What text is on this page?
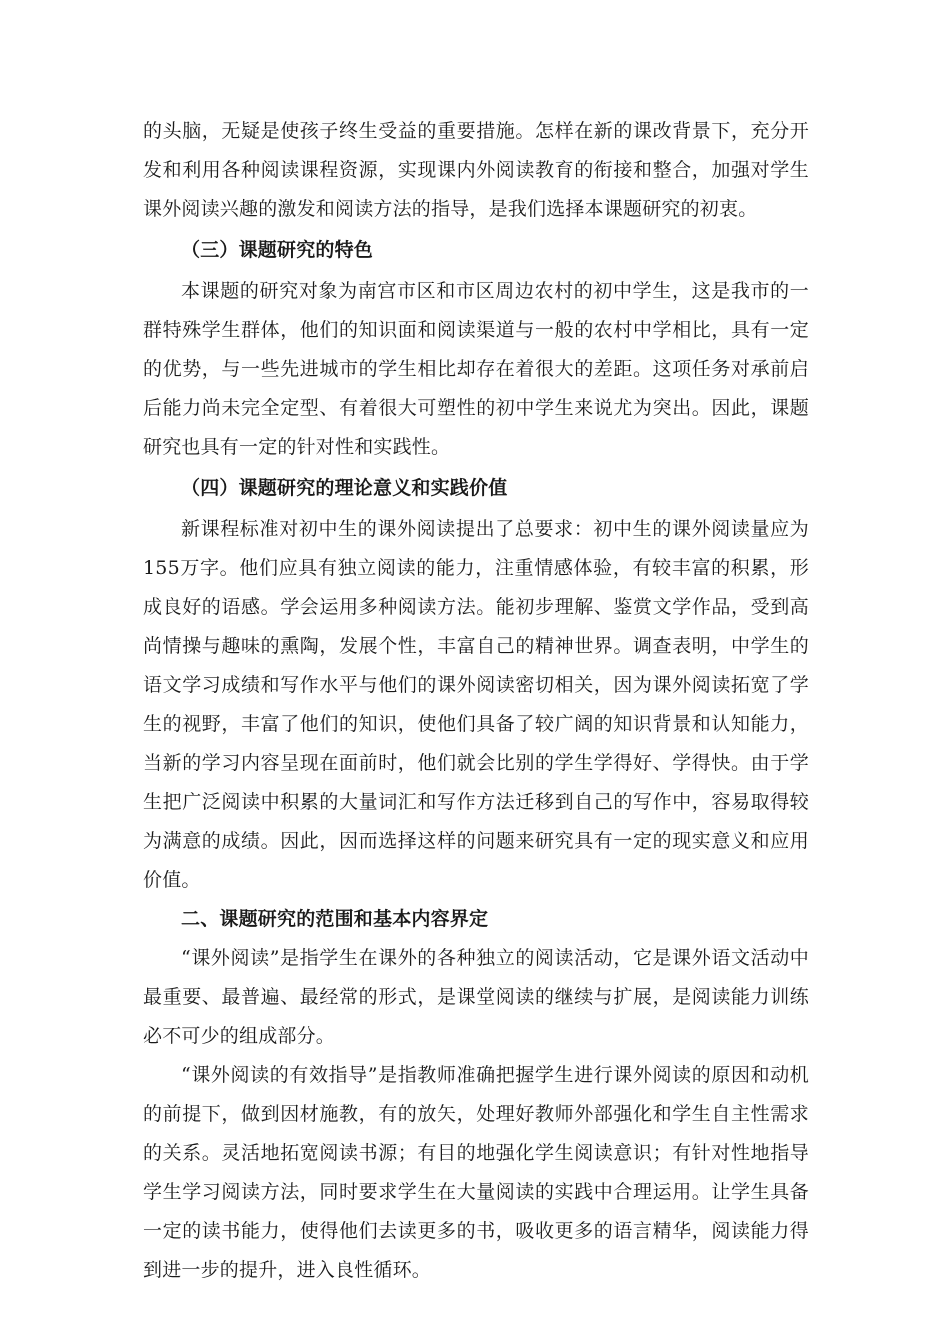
的头脑，无疑是使孩子终生受益的重要措施。怎样在新的课改背景下，充分开发和利用各种阅读课程资源，实现课内外阅读教育的衔接和整合，加强对学生课外阅读兴趣的激发和阅读方法的指导，是我们选择本课题研究的初衷。

（三）课题研究的特色

本课题的研究对象为南宫市区和市区周边农村的初中学生，这是我市的一群特殊学生群体，他们的知识面和阅读渠道与一般的农村中学相比，具有一定的优势，与一些先进城市的学生相比却存在着很大的差距。这项任务对承前启后能力尚未完全定型、有着很大可塑性的初中学生来说尤为突出。因此，课题研究也具有一定的针对性和实践性。

（四）课题研究的理论意义和实践价值

新课程标准对初中生的课外阅读提出了总要求：初中生的课外阅读量应为155万字。他们应具有独立阅读的能力，注重情感体验，有较丰富的积累，形成良好的语感。学会运用多种阅读方法。能初步理解、鉴赏文学作品，受到高尚情操与趣味的熏陶，发展个性，丰富自己的精神世界。调查表明，中学生的语文学习成绩和写作水平与他们的课外阅读密切相关，因为课外阅读拓宽了学生的视野，丰富了他们的知识，使他们具备了较广阔的知识背景和认知能力，当新的学习内容呈现在面前时，他们就会比别的学生学得好、学得快。由于学生把广泛阅读中积累的大量词汇和写作方法迁移到自己的写作中，容易取得较为满意的成绩。因此，因而选择这样的问题来研究具有一定的现实意义和应用价值。

二、课题研究的范围和基本内容界定

“课外阅读”是指学生在课外的各种独立的阅读活动，它是课外语文活动中最重要、最普遍、最经常的形式，是课堂阅读的继续与扩展，是阅读能力训练必不可少的组成部分。

“课外阅读的有效指导”是指教师准确把握学生进行课外阅读的原因和动机的前提下，做到因材施教，有的放矢，处理好教师外部强化和学生自主性需求的关系。灵活地拓宽阅读书源；有目的地强化学生阅读意识；有针对性地指导学生学习阅读方法，同时要求学生在大量阅读的实践中合理运用。让学生具备一定的读书能力，使得他们去读更多的书，吸收更多的语言精华，阅读能力得到进一步的提升，进入良性循环。
